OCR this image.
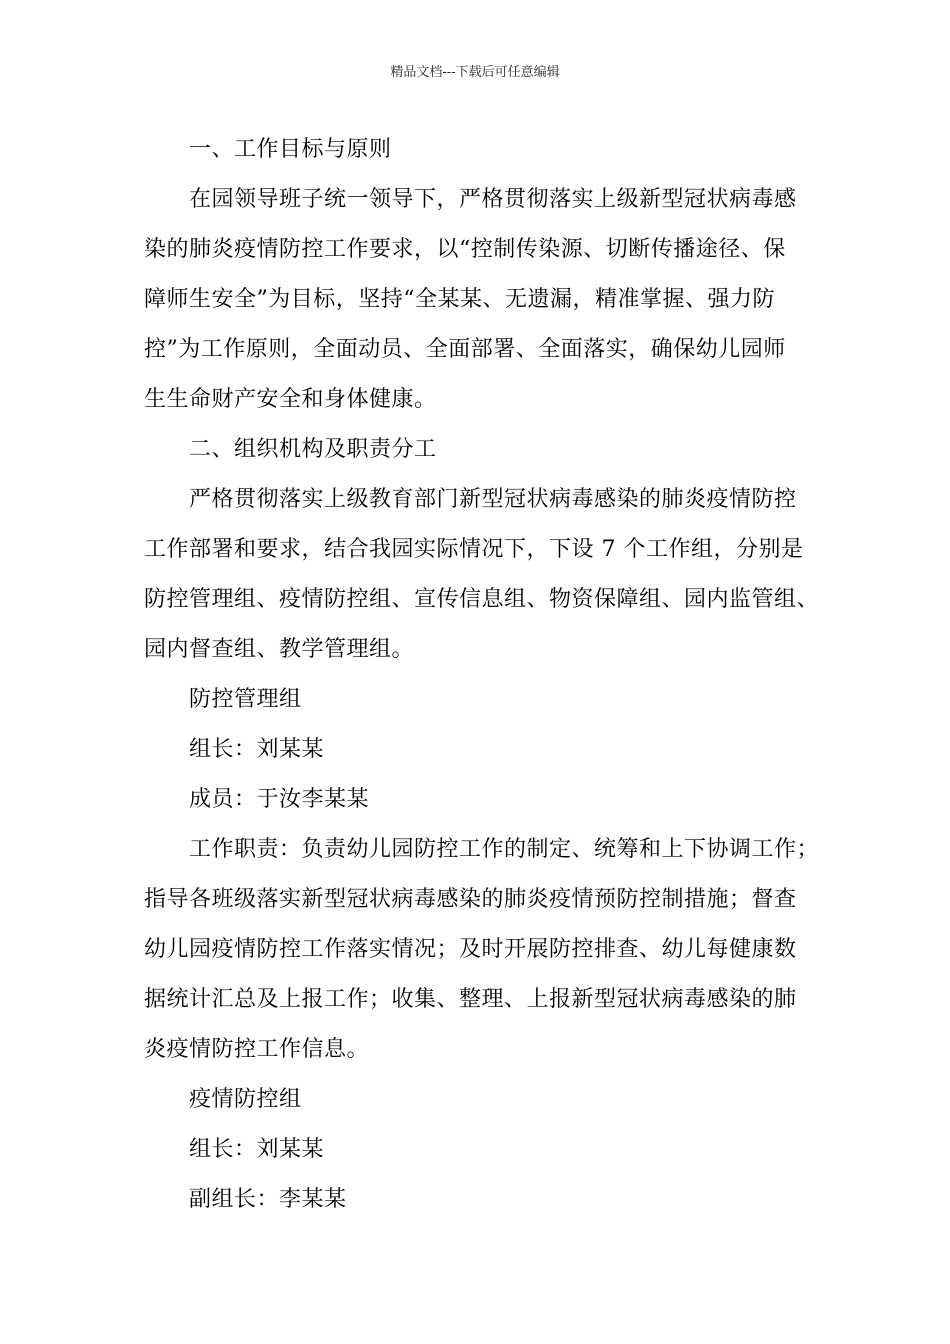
精品文档---下载后可任意编辑
一、工作目标与原则
在园领导班子统一领导下，严格贯彻落实上级新型冠状病毒感
染的肺炎疫情防控工作要求，以“控制传染源、切断传播途径、保
障师生安全”为目标，坚持“全某某、无遗漏，精准掌握、强力防
控”为工作原则，全面动员、全面部署、全面落实，确保幼儿园师
生生命财产安全和身体健康。
二、组织机构及职责分工
严格贯彻落实上级教育部门新型冠状病毒感染的肺炎疫情防控
工作部署和要求，结合我园实际情况下，下设 7 个工作组，分别是
防控管理组、疫情防控组、宣传信息组、物资保障组、园内监管组、
园内督查组、教学管理组。
防控管理组
组长：刘某某
成员：于汝李某某
工作职责：负责幼儿园防控工作的制定、统筹和上下协调工作；
指导各班级落实新型冠状病毒感染的肺炎疫情预防控制措施；督查
幼儿园疫情防控工作落实情况；及时开展防控排查、幼儿每健康数
据统计汇总及上报工作；收集、整理、上报新型冠状病毒感染的肺
炎疫情防控工作信息。
疫情防控组
组长：刘某某
副组长：李某某
